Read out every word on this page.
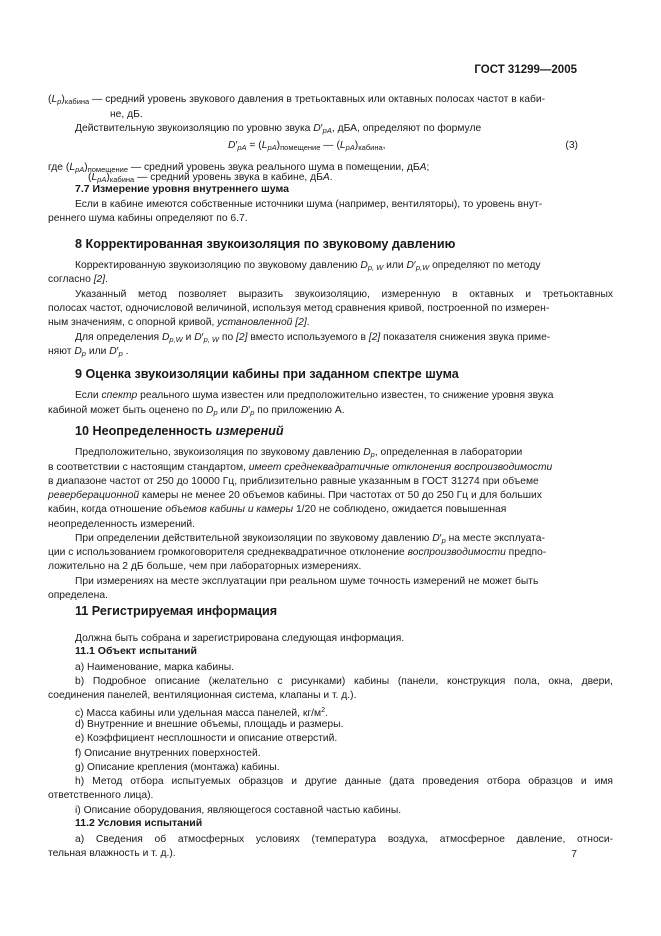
ГОСТ 31299—2005
$(L_p)_{кабина}$ — средний уровень звукового давления в третьоктавных или октавных полосах частот в каби-
не, дБ.
Действительную звукоизоляцию по уровню звука $D'_{pA}$, дБА, определяют по формуле
где $(L_{pA})_{помещение}$ — средний уровень звука реального шума в помещении, дБA;
$(L_{pA})_{кабина}$ — средний уровень звука в кабине, дБA.
Если в кабине имеются собственные источники шума (например, вентиляторы), то уровень внут-
реннего шума кабины определяют по 6.7.
Корректированную звукоизоляцию по звуковому давлению $D_{p, W}$ или $D'_{p,W}$ определяют по методу
согласно [2].
Указанный метод позволяет выразить звукоизоляцию, измеренную в октавных и третьоктавных
полосах частот, одночисловой величиной, используя метод сравнения кривой, построенной по измерен-
ным значениям, с опорной кривой, установленной [2].
Для определения $D_{p,W}$ и $D'_{p, W}$ по [2] вместо используемого в [2] показателя снижения звука приме-
няют $D_p$ или $D'_p$ .
Если спектр реального шума известен или предположительно известен, то снижение уровня звука
кабиной может быть оценено по $D_p$ или $D'_p$ по приложению А.
Предположительно, звукоизоляция по звуковому давлению $D_p$, определенная в лаборатории
в соответствии с настоящим стандартом, имеет среднеквадратичные отклонения воспроизводимости
в диапазоне частот от 250 до 10000 Гц, приблизительно равные указанным в ГОСТ 31274 при объеме
реверберационной камеры не менее 20 объемов кабины. При частотах от 50 до 250 Гц и для больших
кабин, когда отношение объемов кабины и камеры 1/20 не соблюдено, ожидается повышенная
неопределенность измерений.
При определении действительной звукоизоляции по звуковому давлению $D'_p$ на месте эксплуата-
ции с использованием громкоговорителя среднеквадратичное отклонение воспроизводимости предпо-
ложительно на 2 дБ больше, чем при лабораторных измерениях.
При измерениях на месте эксплуатации при реальном шуме точность измерений не может быть
определена.
Должна быть собрана и зарегистрирована следующая информация.
а) Наименование, марка кабины.
b) Подробное описание (желательно с рисунками) кабины (панели, конструкция пола, окна, двери,
соединения панелей, вентиляционная система, клапаны и т. д.).
c) Масса кабины или удельная масса панелей, $кг/м^2$.
d) Внутренние и внешние объемы, площадь и размеры.
е) Коэффициент несплошности и описание отверстий.
f) Описание внутренних поверхностей.
g) Описание крепления (монтажа) кабины.
h) Метод отбора испытуемых образцов и другие данные (дата проведения отбора образцов и имя
ответственного лица).
i) Описание оборудования, являющегося составной частью кабины.
а) Сведения об атмосферных условиях (температура воздуха, атмосферное давление, относи-
тельная влажность и т. д.).
8 Корректированная звукоизоляция по звуковому давлению
9 Оценка звукоизоляции кабины при заданном спектре шума
10 Неопределенность измерений
11 Регистрируемая информация
7.7 Измерение уровня внутреннего шума
11.1 Объект испытаний
11.2 Условия испытаний
$D'_{pA} = (L_{pA})_{помещение}$ — $(L_{pA})_{кабина}$,	(3)
7
